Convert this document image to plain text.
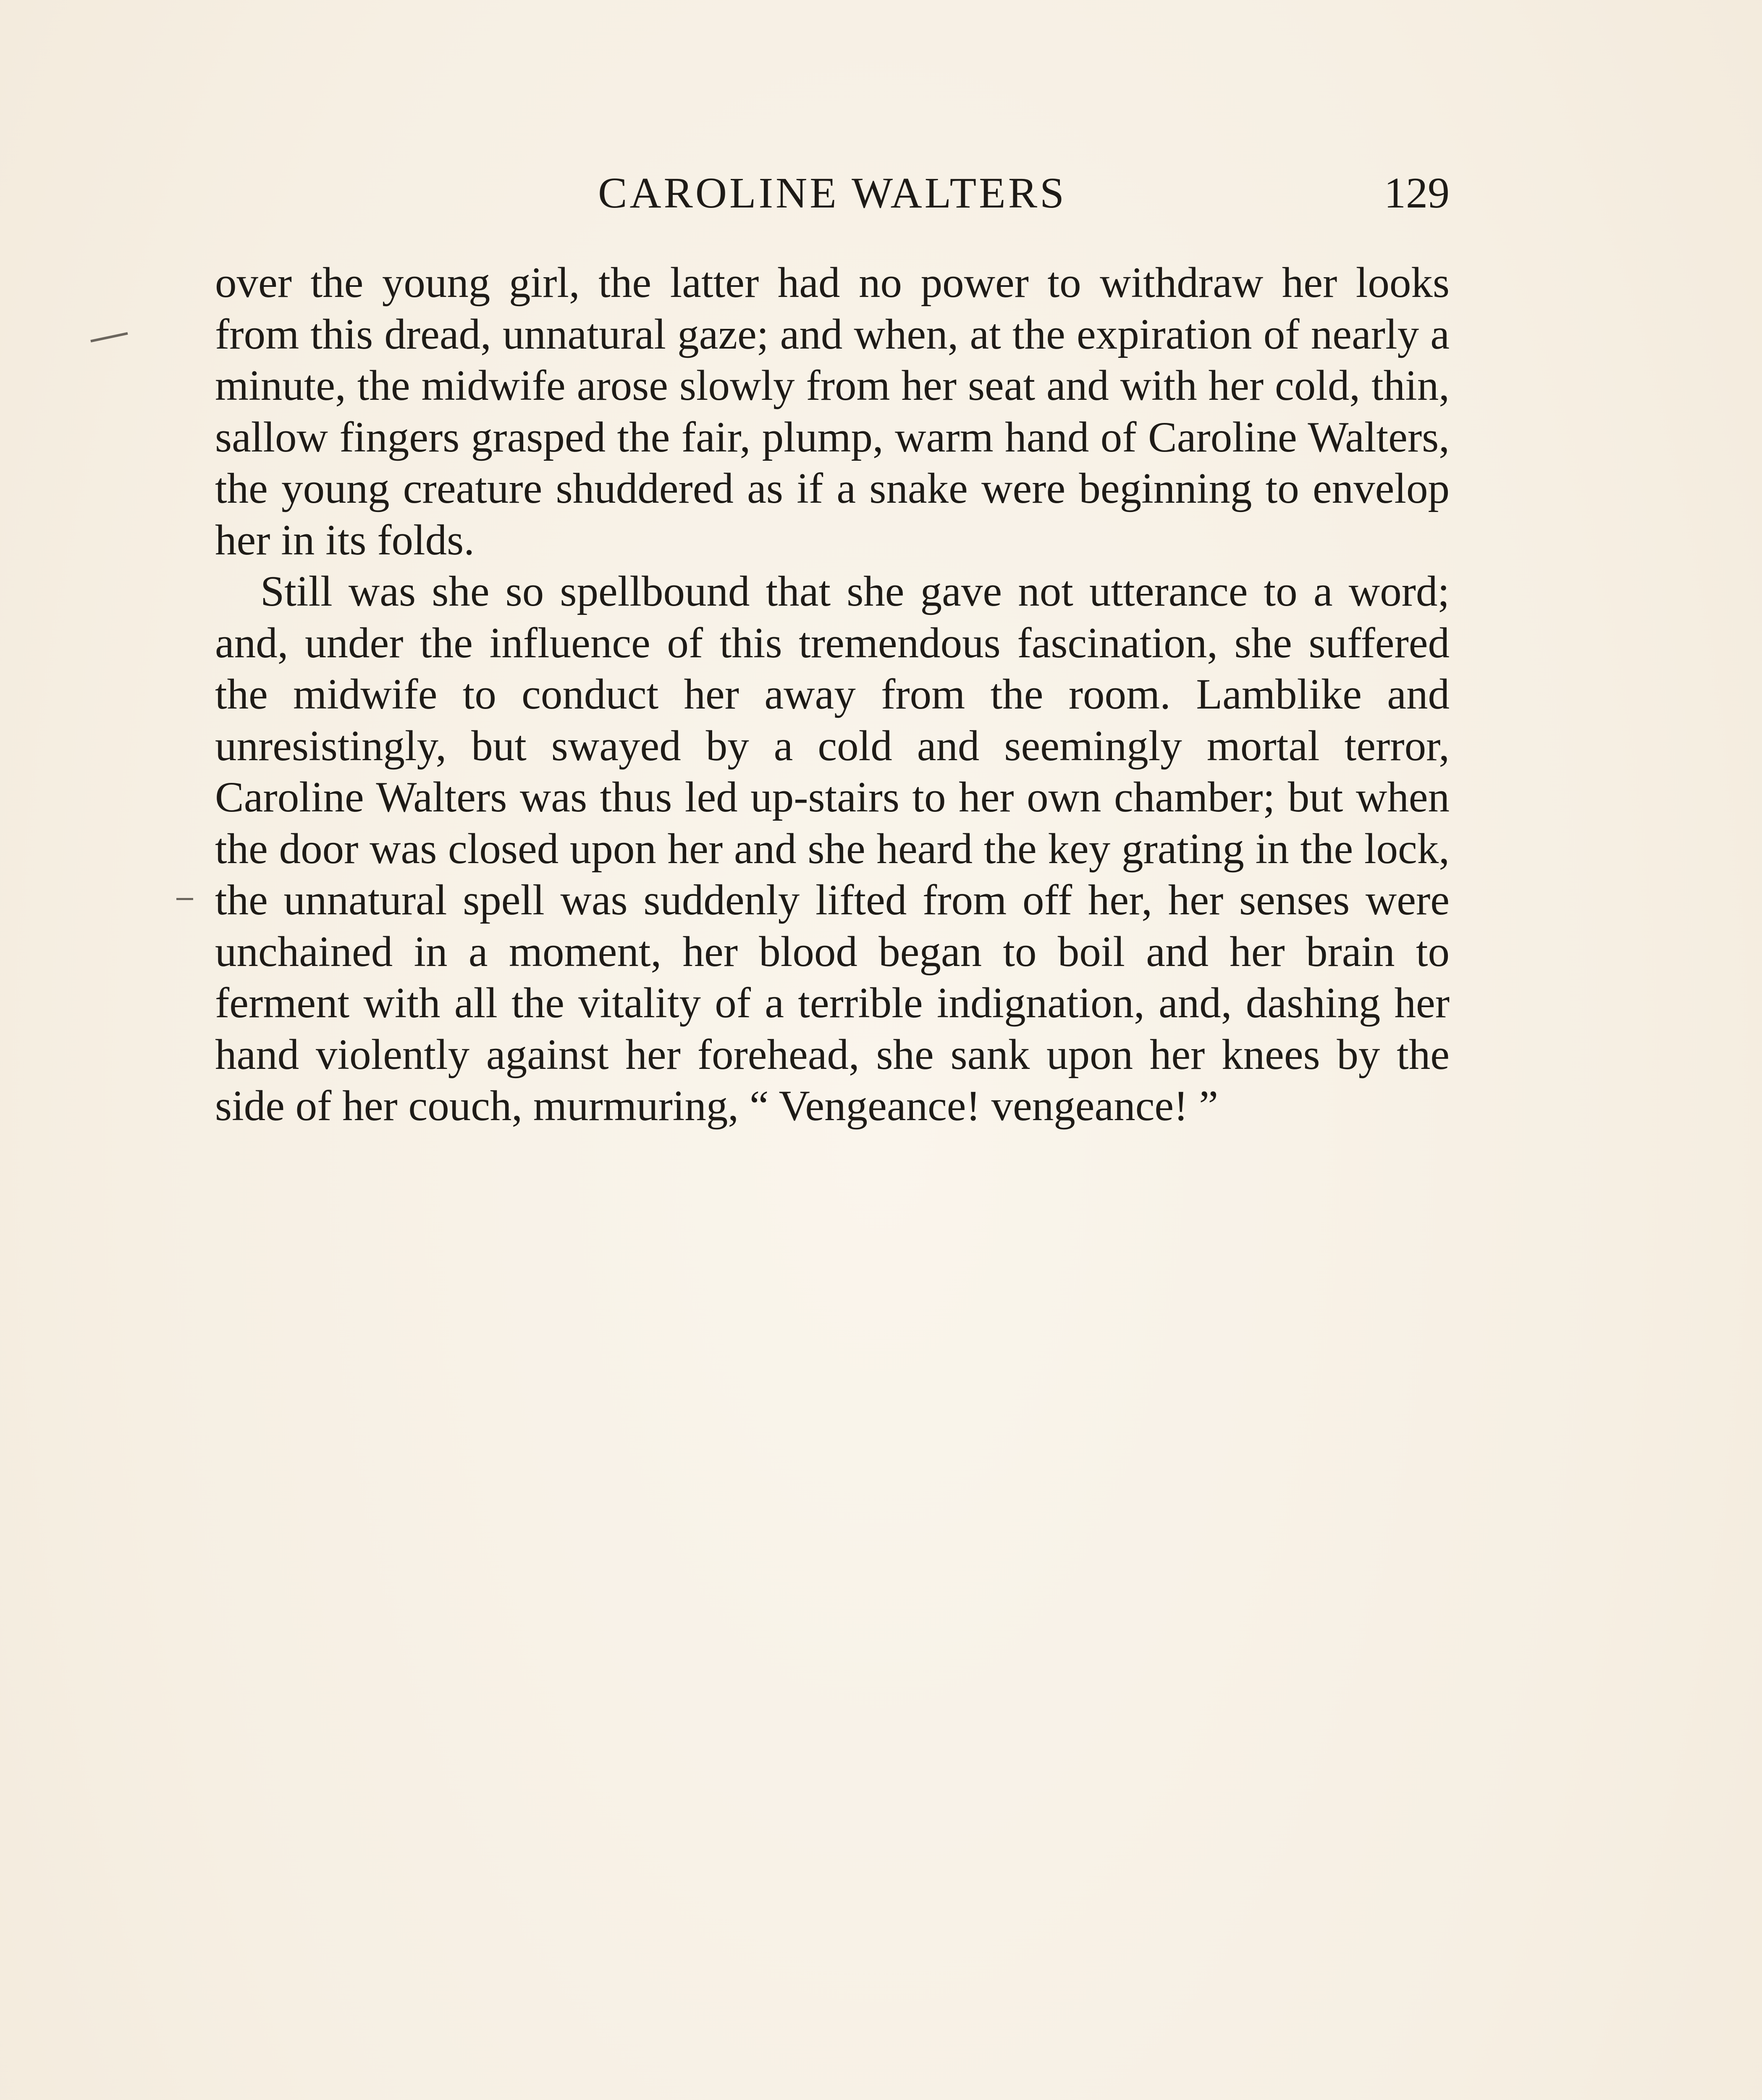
CAROLINE WALTERS	129

over the young girl, the latter had no power to withdraw her looks from this dread, unnatural gaze; and when, at the expiration of nearly a minute, the midwife arose slowly from her seat and with her cold, thin, sallow fingers grasped the fair, plump, warm hand of Caroline Walters, the young creature shuddered as if a snake were beginning to envelop her in its folds.

Still was she so spellbound that she gave not utterance to a word; and, under the influence of this tremendous fascination, she suffered the midwife to conduct her away from the room. Lamblike and unresistingly, but swayed by a cold and seemingly mortal terror, Caroline Walters was thus led up-stairs to her own chamber; but when the door was closed upon her and she heard the key grating in the lock, the unnatural spell was suddenly lifted from off her, her senses were unchained in a moment, her blood began to boil and her brain to ferment with all the vitality of a terrible indignation, and, dashing her hand violently against her forehead, she sank upon her knees by the side of her couch, murmuring, “ Vengeance! vengeance! ”
